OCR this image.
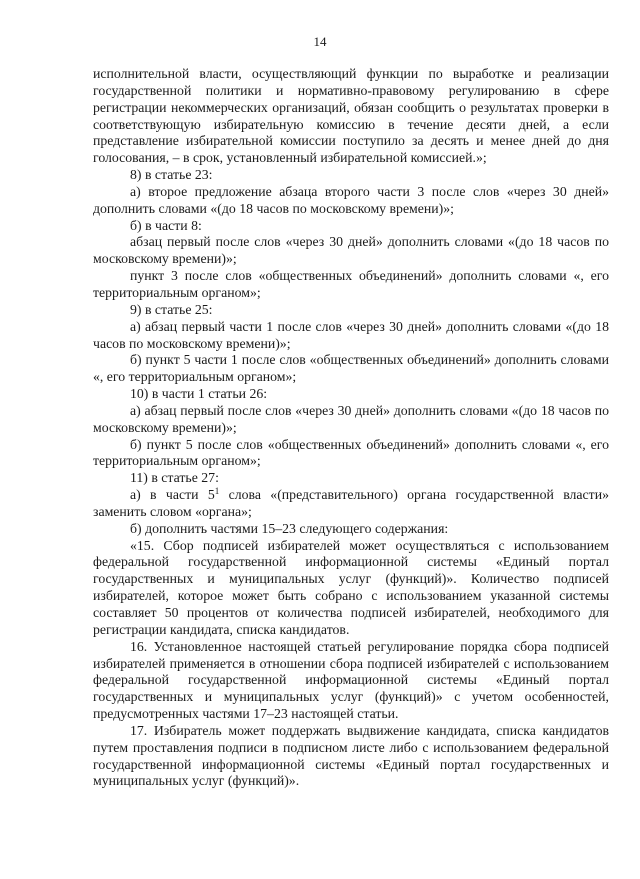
14

исполнительной власти, осуществляющий функции по выработке и реализации государственной политики и нормативно-правовому регулированию в сфере регистрации некоммерческих организаций, обязан сообщить о результатах проверки в соответствующую избирательную комиссию в течение десяти дней, а если представление избирательной комиссии поступило за десять и менее дней до дня голосования, – в срок, установленный избирательной комиссией.»;

8) в статье 23:

а) второе предложение абзаца второго части 3 после слов «через 30 дней» дополнить словами «(до 18 часов по московскому времени)»;

б) в части 8:

абзац первый после слов «через 30 дней» дополнить словами «(до 18 часов по московскому времени)»;

пункт 3 после слов «общественных объединений» дополнить словами «, его территориальным органом»;

9) в статье 25:

а) абзац первый части 1 после слов «через 30 дней» дополнить словами «(до 18 часов по московскому времени)»;

б) пункт 5 части 1 после слов «общественных объединений» дополнить словами «, его территориальным органом»;

10) в части 1 статьи 26:

а) абзац первый после слов «через 30 дней» дополнить словами «(до 18 часов по московскому времени)»;

б) пункт 5 после слов «общественных объединений» дополнить словами «, его территориальным органом»;

11) в статье 27:

а) в части $5^1$ слова «(представительного) органа государственной власти» заменить словом «органа»;

б) дополнить частями 15–23 следующего содержания:

«15. Сбор подписей избирателей может осуществляться с использованием федеральной государственной информационной системы «Единый портал государственных и муниципальных услуг (функций)». Количество подписей избирателей, которое может быть собрано с использованием указанной системы составляет 50 процентов от количества подписей избирателей, необходимого для регистрации кандидата, списка кандидатов.

16. Установленное настоящей статьей регулирование порядка сбора подписей избирателей применяется в отношении сбора подписей избирателей с использованием федеральной государственной информационной системы «Единый портал государственных и муниципальных услуг (функций)» с учетом особенностей, предусмотренных частями 17–23 настоящей статьи.

17. Избиратель может поддержать выдвижение кандидата, списка кандидатов путем проставления подписи в подписном листе либо с использованием федеральной государственной информационной системы «Единый портал государственных и муниципальных услуг (функций)».
